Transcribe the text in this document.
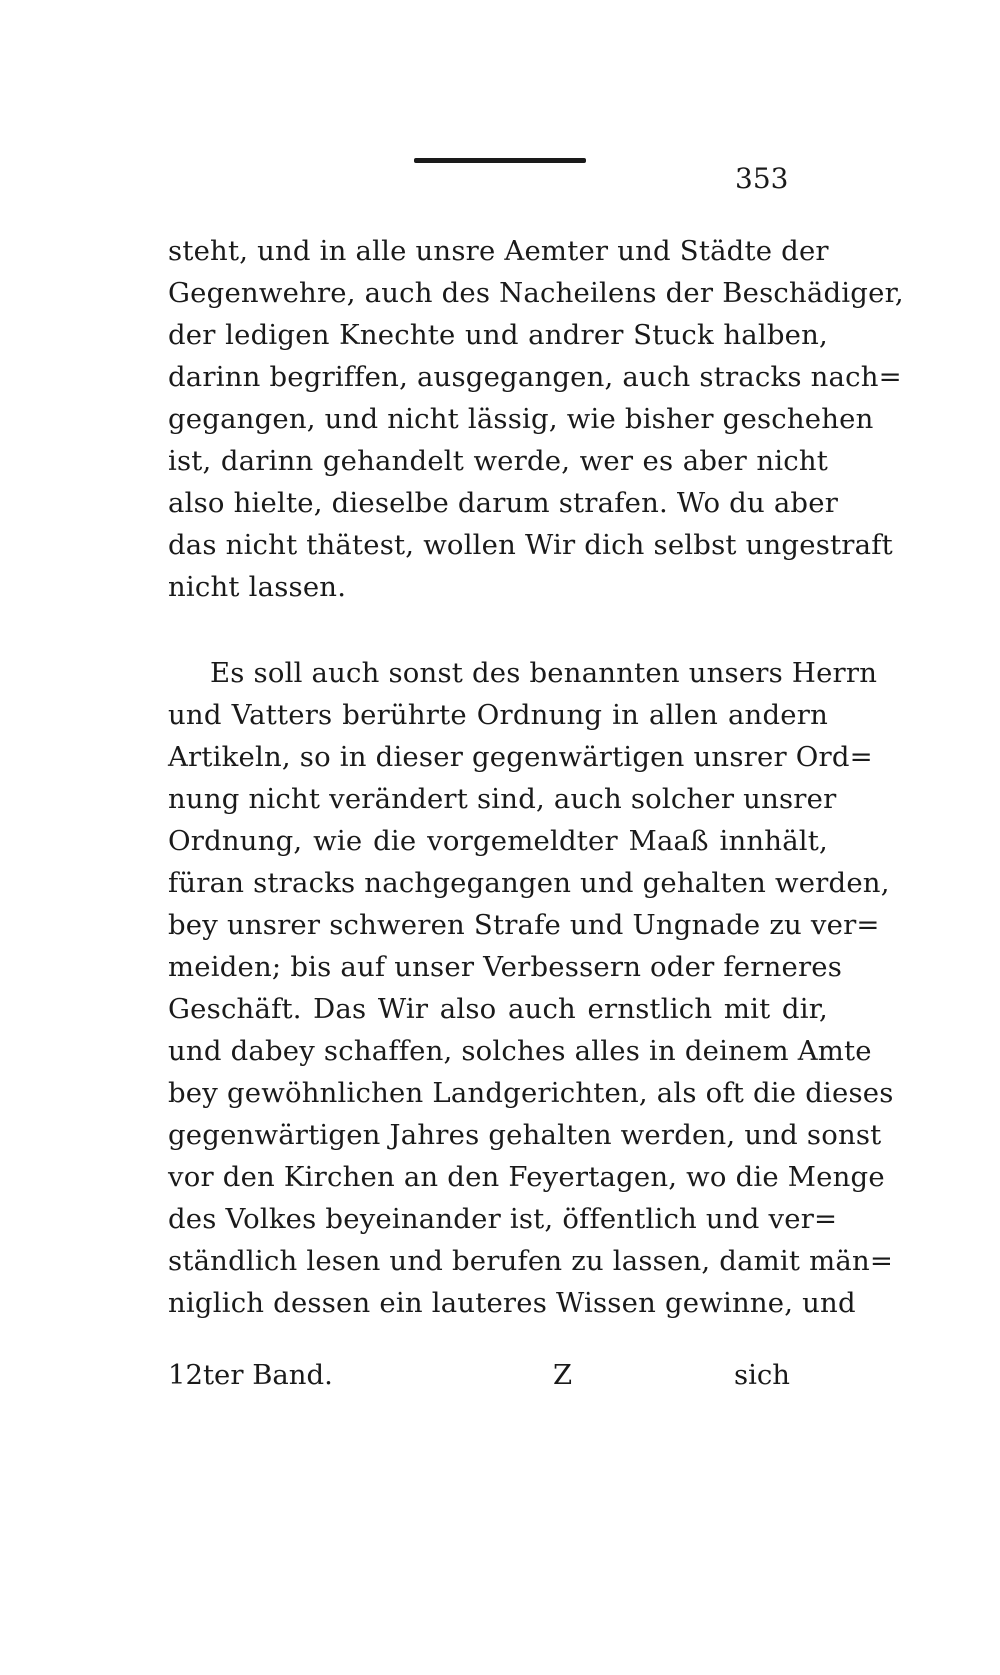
353
steht, und in alle unsre Aemter und Städte der
Gegenwehre, auch des Nacheilens der Beschädiger,
der ledigen Knechte und andrer Stuck halben,
darinn begriffen, ausgegangen, auch stracks nach=
gegangen, und nicht lässig, wie bisher geschehen
ist, darinn gehandelt werde, wer es aber nicht
also hielte, dieselbe darum strafen. Wo du aber
das nicht thätest, wollen Wir dich selbst ungestraft
nicht lassen.
Es soll auch sonst des benannten unsers Herrn
und Vatters berührte Ordnung in allen andern
Artikeln, so in dieser gegenwärtigen unsrer Ord=
nung nicht verändert sind, auch solcher unsrer
Ordnung, wie die vorgemeldter Maaß innhält,
füran stracks nachgegangen und gehalten werden,
bey unsrer schweren Strafe und Ungnade zu ver=
meiden; bis auf unser Verbessern oder ferneres
Geschäft. Das Wir also auch ernstlich mit dir,
und dabey schaffen, solches alles in deinem Amte
bey gewöhnlichen Landgerichten, als oft die dieses
gegenwärtigen Jahres gehalten werden, und sonst
vor den Kirchen an den Feyertagen, wo die Menge
des Volkes beyeinander ist, öffentlich und ver=
ständlich lesen und berufen zu lassen, damit män=
niglich dessen ein lauteres Wissen gewinne, und
12ter Band.	Z	sich
